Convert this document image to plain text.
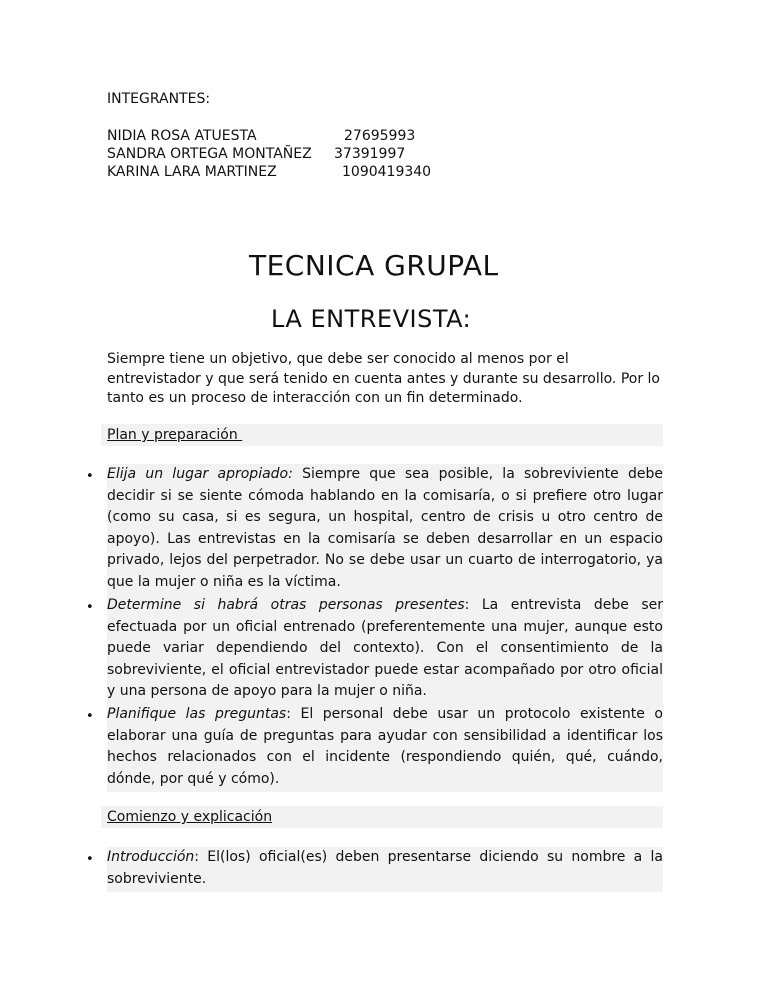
INTEGRANTES:
NIDIA ROSA ATUESTA	27695993
SANDRA ORTEGA MONTAÑEZ 37391997
KARINA LARA MARTINEZ	1090419340
TECNICA GRUPAL
LA ENTREVISTA:
Siempre tiene un objetivo, que debe ser conocido al menos por el entrevistador y que será tenido en cuenta antes y durante su desarrollo. Por lo tanto es un proceso de interacción con un fin determinado.
Plan y preparación
• Elija un lugar apropiado: Siempre que sea posible, la sobreviviente debe decidir si se siente cómoda hablando en la comisaría, o si prefiere otro lugar (como su casa, si es segura, un hospital, centro de crisis u otro centro de apoyo). Las entrevistas en la comisaría se deben desarrollar en un espacio privado, lejos del perpetrador. No se debe usar un cuarto de interrogatorio, ya que la mujer o niña es la víctima.
• Determine si habrá otras personas presentes: La entrevista debe ser efectuada por un oficial entrenado (preferentemente una mujer, aunque esto puede variar dependiendo del contexto). Con el consentimiento de la sobreviviente, el oficial entrevistador puede estar acompañado por otro oficial y una persona de apoyo para la mujer o niña.
• Planifique las preguntas: El personal debe usar un protocolo existente o elaborar una guía de preguntas para ayudar con sensibilidad a identificar los hechos relacionados con el incidente (respondiendo quién, qué, cuándo, dónde, por qué y cómo).
Comienzo y explicación
• Introducción: El(los) oficial(es) deben presentarse diciendo su nombre a la sobreviviente.
